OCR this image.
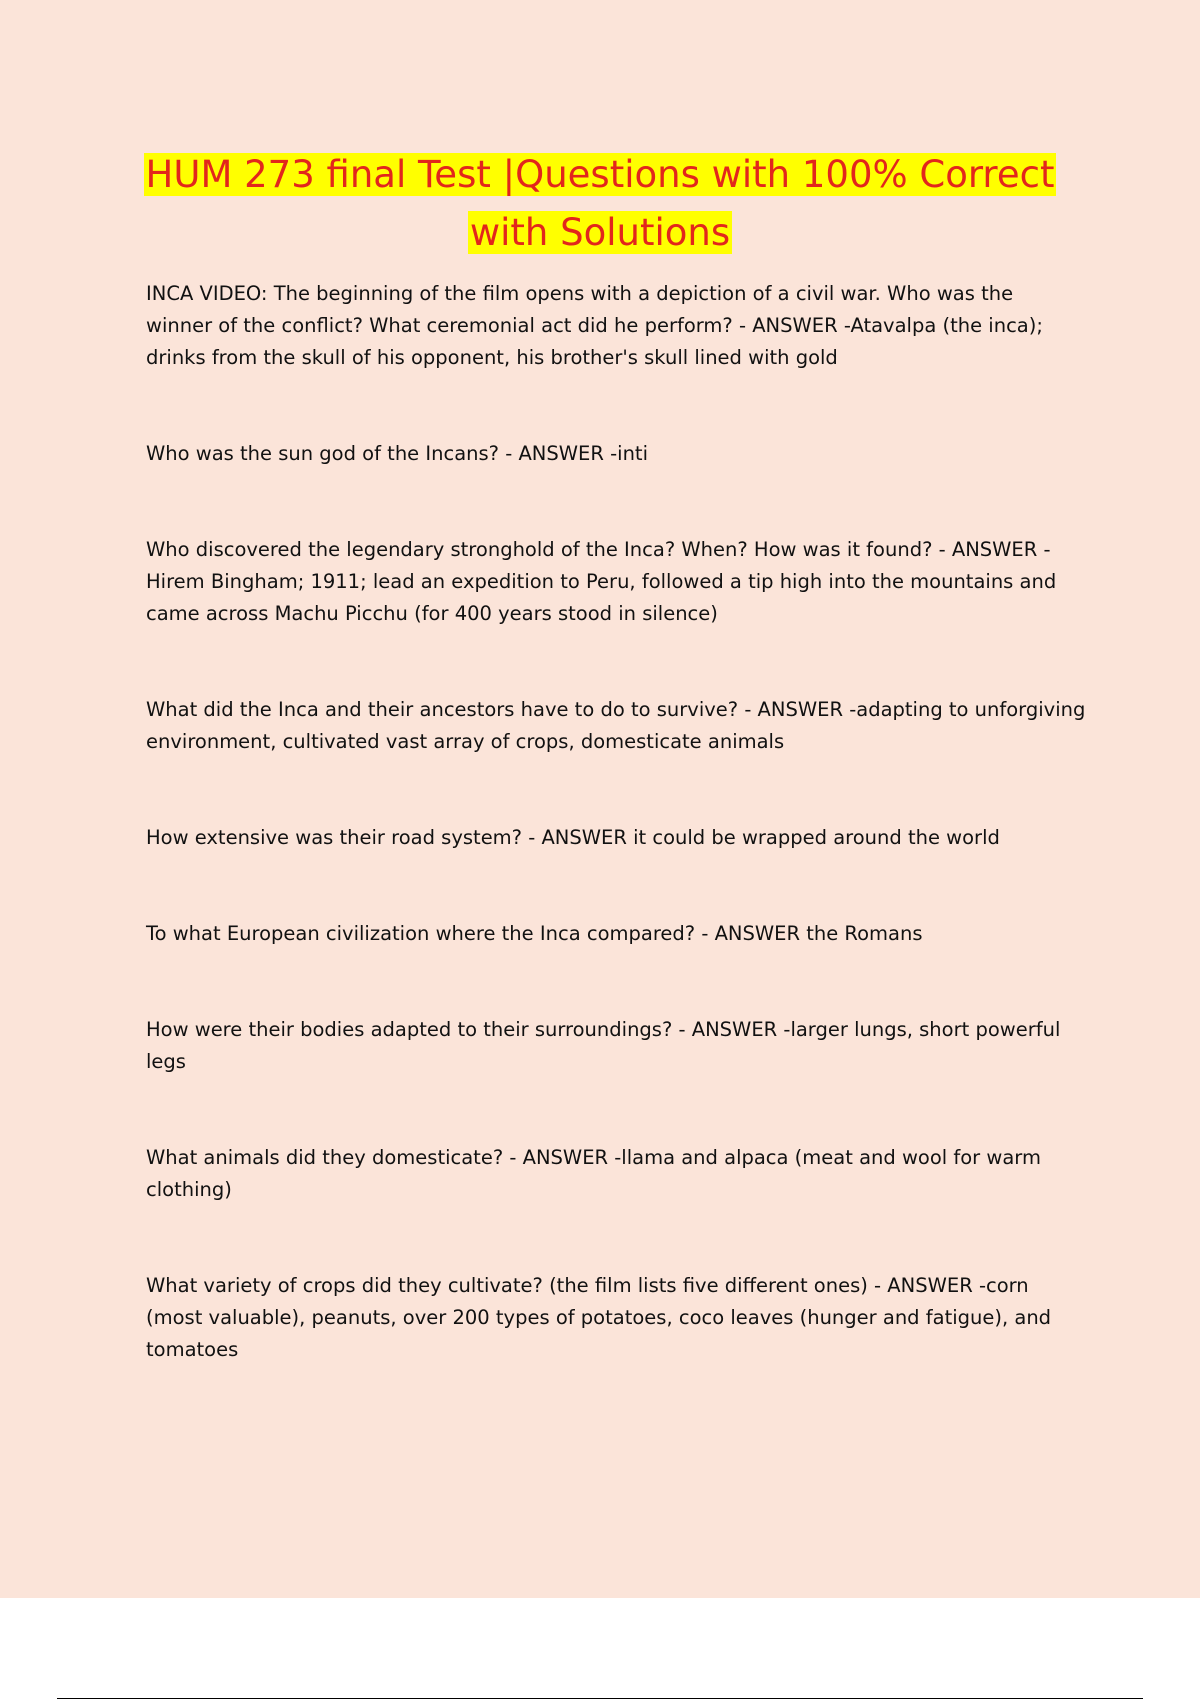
HUM 273 final Test |Questions with 100% Correct
with Solutions
INCA VIDEO: The beginning of the film opens with a depiction of a civil war. Who was the
winner of the conflict? What ceremonial act did he perform? - ANSWER -Atavalpa (the inca);
drinks from the skull of his opponent, his brother's skull lined with gold
Who was the sun god of the Incans? - ANSWER -inti
Who discovered the legendary stronghold of the Inca? When? How was it found? - ANSWER -
Hirem Bingham; 1911; lead an expedition to Peru, followed a tip high into the mountains and
came across Machu Picchu (for 400 years stood in silence)
What did the Inca and their ancestors have to do to survive? - ANSWER -adapting to unforgiving
environment, cultivated vast array of crops, domesticate animals
How extensive was their road system? - ANSWER it could be wrapped around the world
To what European civilization where the Inca compared? - ANSWER the Romans
How were their bodies adapted to their surroundings? - ANSWER -larger lungs, short powerful
legs
What animals did they domesticate? - ANSWER -llama and alpaca (meat and wool for warm
clothing)
What variety of crops did they cultivate? (the film lists five different ones) - ANSWER -corn
(most valuable), peanuts, over 200 types of potatoes, coco leaves (hunger and fatigue), and
tomatoes
